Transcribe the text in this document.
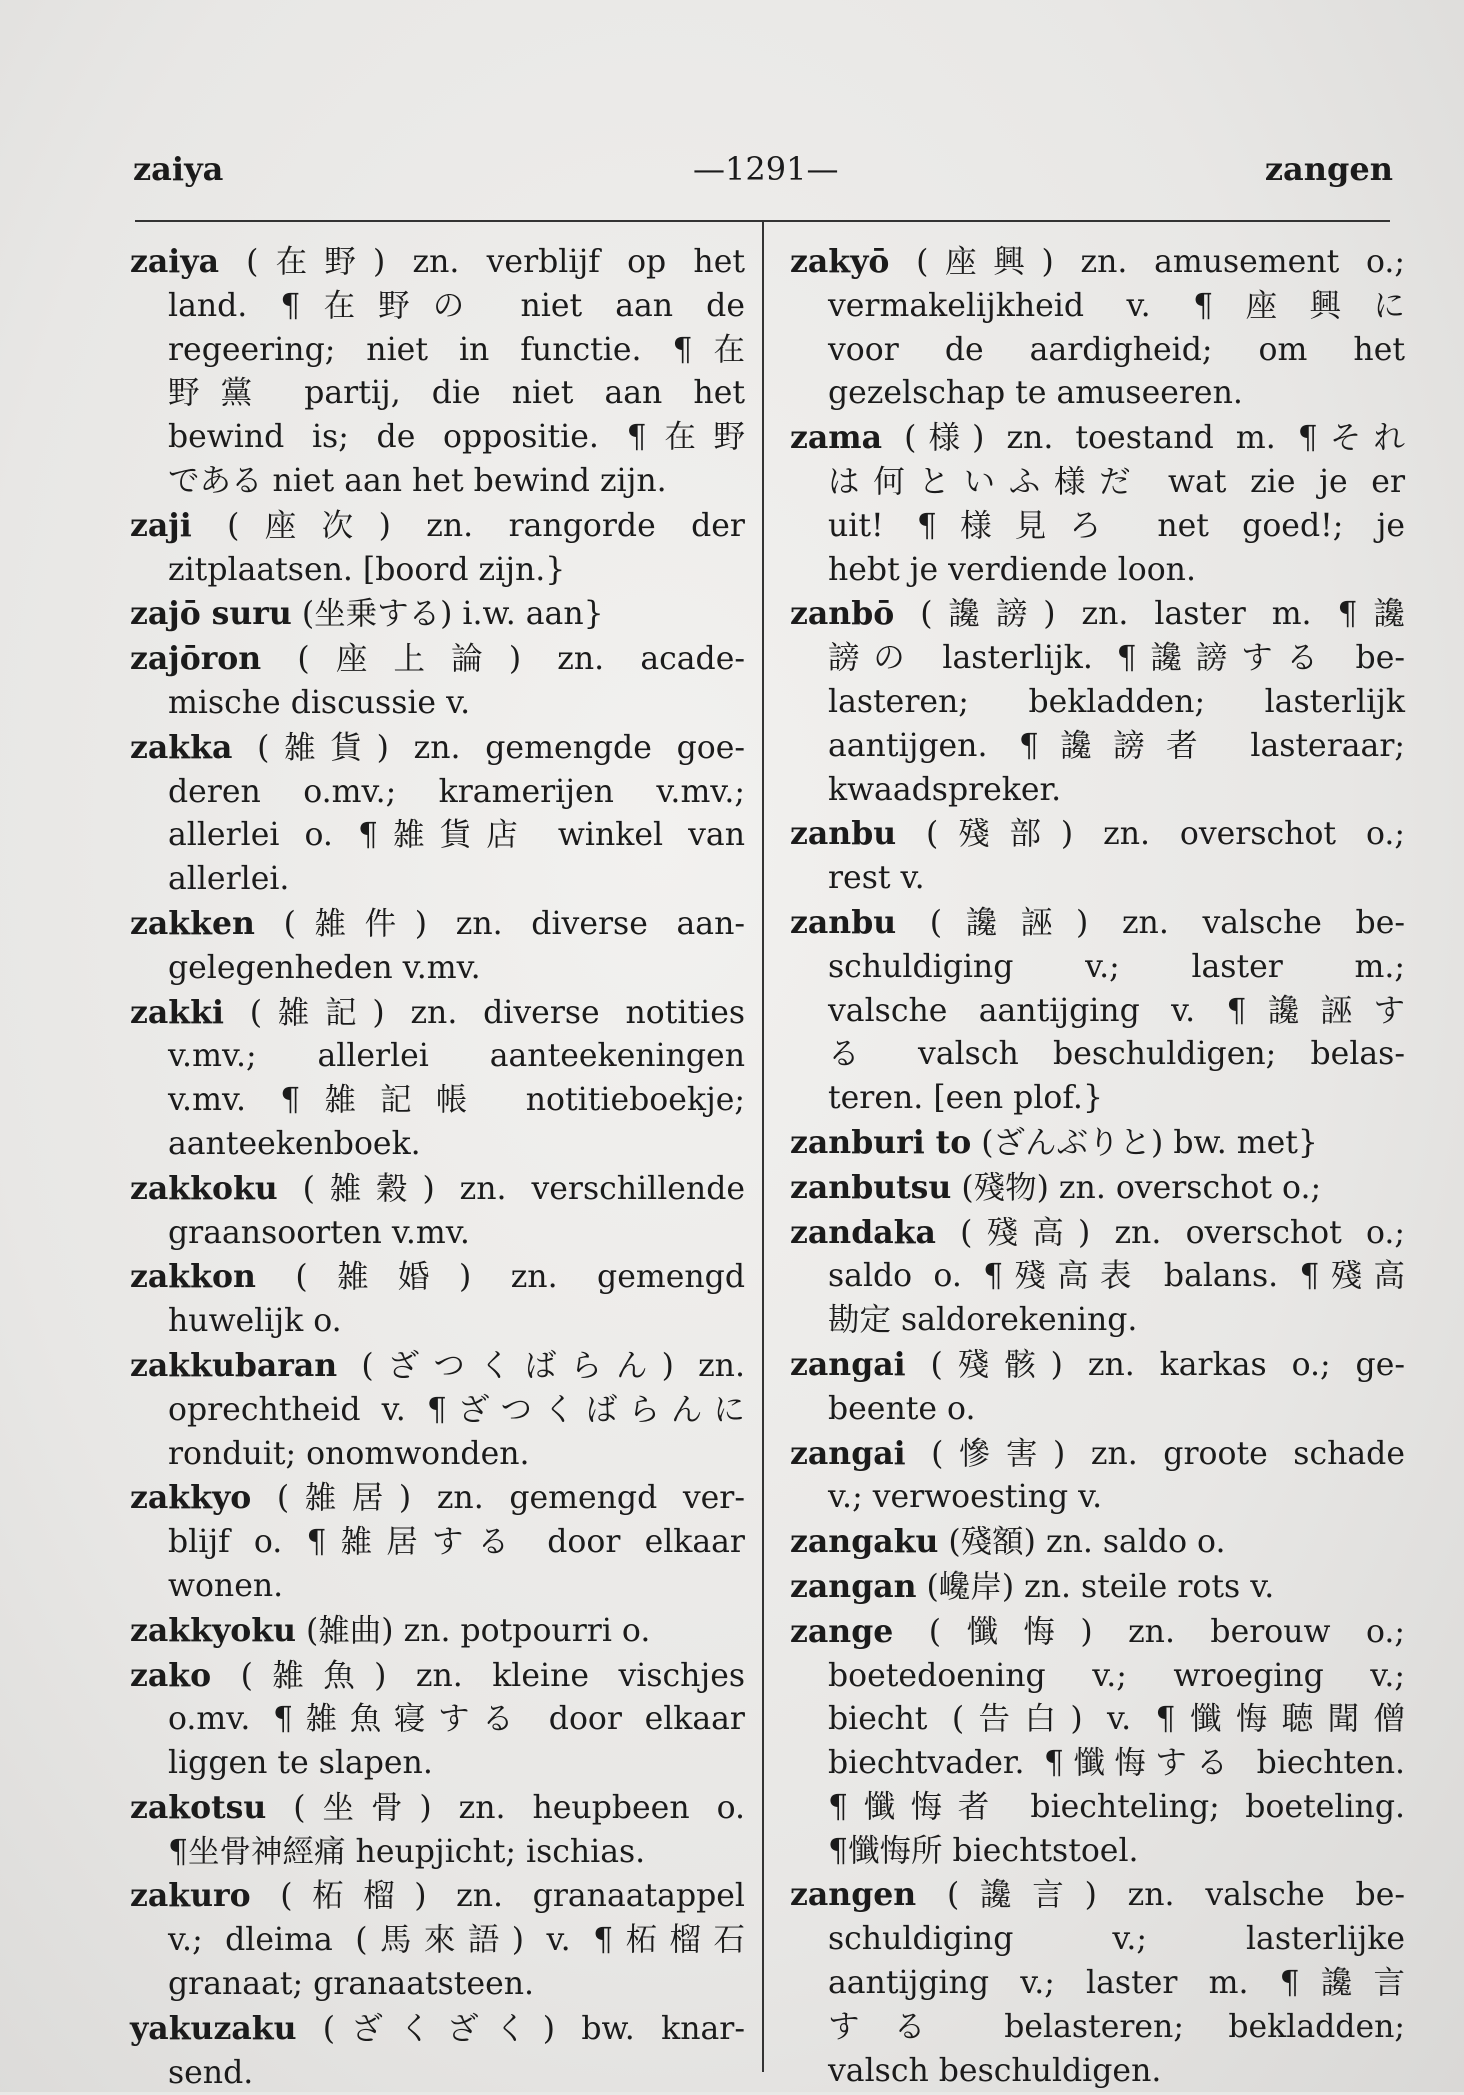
zaiya	—1291—	zangen
zaiya (在野) zn. verblijf op het
land. ¶在野の niet aan de
regeering; niet in functie. ¶在
野黨 partij, die niet aan het
bewind is; de oppositie. ¶在野
である niet aan het bewind zijn.
zaji (座次) zn. rangorde der
zitplaatsen. [boord zijn.}
zajō suru (坐乗する) i.w. aan}
zajōron (座上論) zn. acade-
mische discussie v.
zakka (雑貨) zn. gemengde goe-
deren o.mv.; kramerijen v.mv.;
allerlei o. ¶雑貨店 winkel van
allerlei.
zakken (雑件) zn. diverse aan-
gelegenheden v.mv.
zakki (雑記) zn. diverse notities
v.mv.; allerlei aanteekeningen
v.mv. ¶雑記帳 notitieboekje;
aanteekenboek.
zakkoku (雑穀) zn. verschillende
graansoorten v.mv.
zakkon (雑婚) zn. gemengd
huwelijk o.
zakkubaran (ざつくばらん) zn.
oprechtheid v. ¶ざつくばらんに
ronduit; onomwonden.
zakkyo (雑居) zn. gemengd ver-
blijf o. ¶雑居する door elkaar
wonen.
zakkyoku (雑曲) zn. potpourri o.
zako (雑魚) zn. kleine vischjes
o.mv. ¶雑魚寝する door elkaar
liggen te slapen.
zakotsu (坐骨) zn. heupbeen o.
¶坐骨神經痛 heupjicht; ischias.
zakuro (柘榴) zn. granaatappel
v.; dleima (馬來語) v. ¶柘榴石
granaat; granaatsteen.
yakuzaku (ざくざく) bw. knar-
send.
zakyō (座興) zn. amusement o.;
vermakelijkheid v. ¶座興に
voor de aardigheid; om het
gezelschap te amuseeren.
zama (様) zn. toestand m. ¶それ
は何といふ様だ wat zie je er
uit! ¶様見ろ net goed!; je
hebt je verdiende loon.
zanbō (讒謗) zn. laster m. ¶讒
謗の lasterlijk. ¶讒謗する be-
lasteren; bekladden; lasterlijk
aantijgen. ¶讒謗者 lasteraar;
kwaadspreker.
zanbu (殘部) zn. overschot o.;
rest v.
zanbu (讒誣) zn. valsche be-
schuldiging v.; laster m.;
valsche aantijging v. ¶讒誣す
る valsch beschuldigen; belas-
teren. [een plof.}
zanburi to (ざんぶりと) bw. met}
zanbutsu (殘物) zn. overschot o.;
zandaka (殘高) zn. overschot o.;
saldo o. ¶殘高表 balans. ¶殘高
勘定 saldorekening.
zangai (殘骸) zn. karkas o.; ge-
beente o.
zangai (慘害) zn. groote schade
v.; verwoesting v.
zangaku (殘額) zn. saldo o.
zangan (巉岸) zn. steile rots v.
zange (懺悔) zn. berouw o.;
boetedoening v.; wroeging v.;
biecht (告白) v. ¶懺悔聴聞僧
biechtvader. ¶懺悔する biechten.
¶懺悔者 biechteling; boeteling.
¶懺悔所 biechtstoel.
zangen (讒言) zn. valsche be-
schuldiging v.; lasterlijke
aantijging v.; laster m. ¶讒言
する belasteren; bekladden;
valsch beschuldigen.
